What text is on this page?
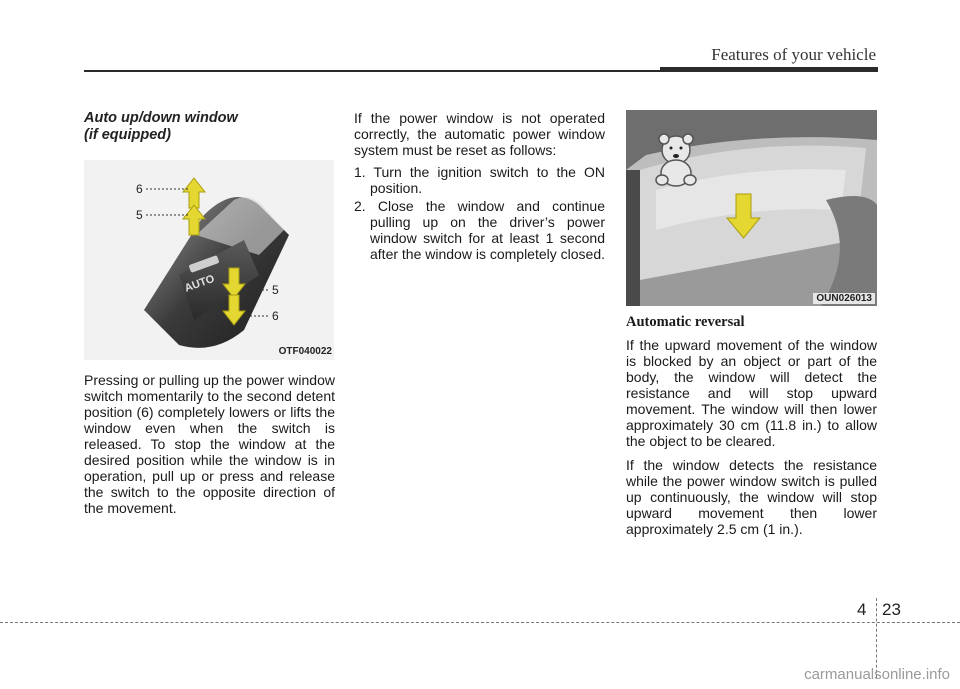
Features of your vehicle
Auto up/down window
(if equipped)
AUTO
6
5
5
6
OTF040022

Pressing or pulling up the power window switch momentarily to the second detent position (6) completely lowers or lifts the window even when the switch is released. To stop the window at the desired position while the window is in operation, pull up or press and release the switch to the opposite direction of the movement.

If the power window is not operated correctly, the automatic power window system must be reset as follows:

1. Turn the ignition switch to the ON position.
2. Close the window and continue pulling up on the driver’s power window switch for at least 1 second after the window is completely closed.
OUN026013
Automatic reversal

If the upward movement of the window is blocked by an object or part of the body, the window will detect the resistance and will stop upward movement. The window will then lower approximately 30 cm (11.8 in.) to allow the object to be cleared.

If the window detects the resistance while the power window switch is pulled up continuously, the window will stop upward movement then lower approximately 2.5 cm (1 in.).

4 23
carmanualsonline.info
